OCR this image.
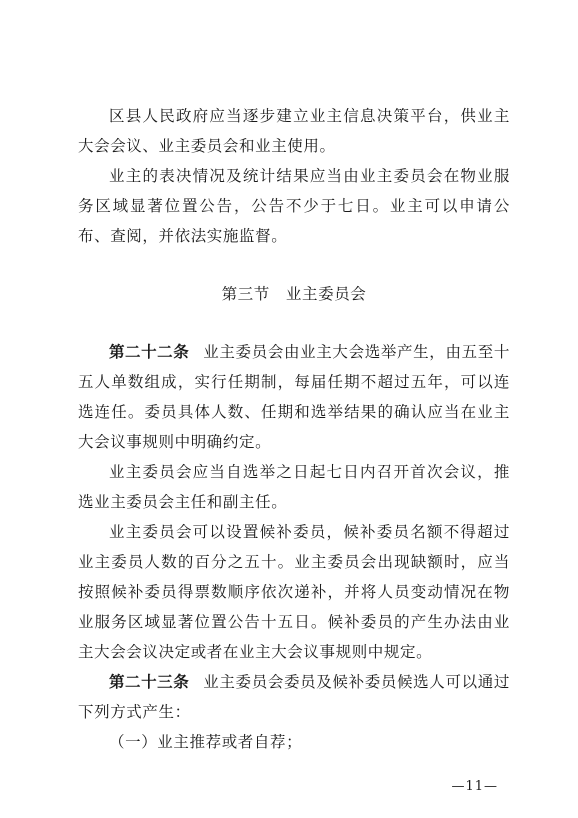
区县人民政府应当逐步建立业主信息决策平台，供业主大会会议、业主委员会和业主使用。

业主的表决情况及统计结果应当由业主委员会在物业服务区域显著位置公告，公告不少于七日。业主可以申请公布、查阅，并依法实施监督。

第三节 业主委员会

第二十二条 业主委员会由业主大会选举产生，由五至十五人单数组成，实行任期制，每届任期不超过五年，可以连选连任。委员具体人数、任期和选举结果的确认应当在业主大会议事规则中明确约定。

业主委员会应当自选举之日起七日内召开首次会议，推选业主委员会主任和副主任。

业主委员会可以设置候补委员，候补委员名额不得超过业主委员人数的百分之五十。业主委员会出现缺额时，应当按照候补委员得票数顺序依次递补，并将人员变动情况在物业服务区域显著位置公告十五日。候补委员的产生办法由业主大会会议决定或者在业主大会议事规则中规定。

第二十三条 业主委员会委员及候补委员候选人可以通过下列方式产生：

（一）业主推荐或者自荐；

—11—
